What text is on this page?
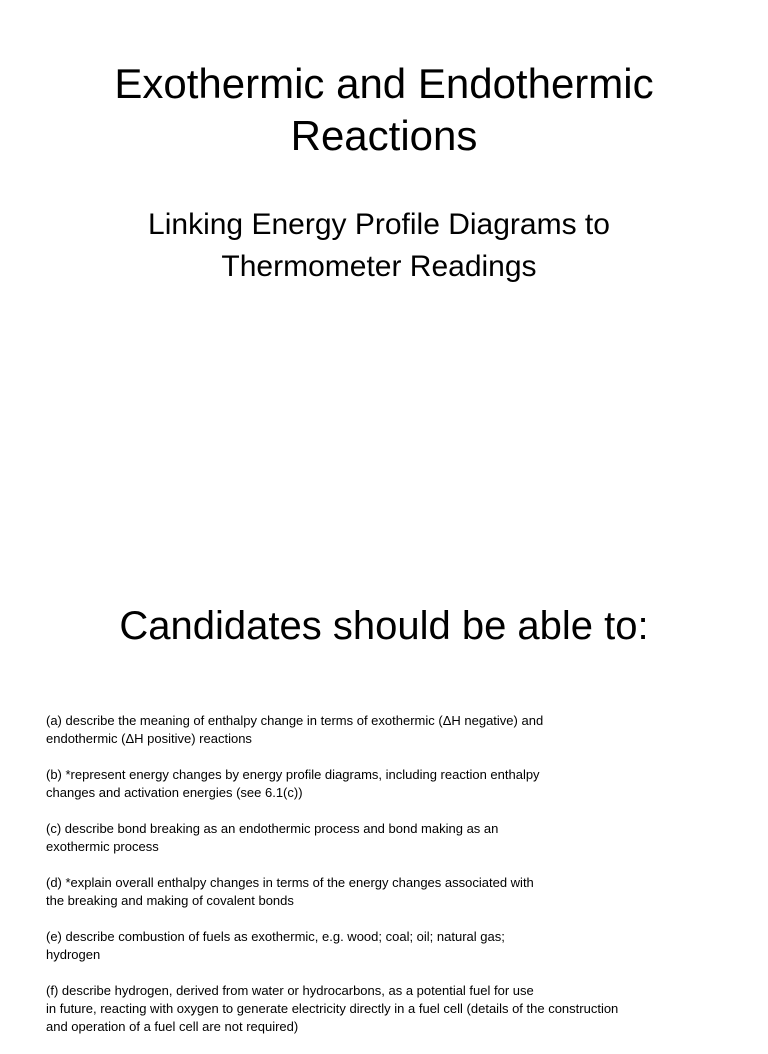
Exothermic and Endothermic
Reactions
Linking Energy Profile Diagrams to
Thermometer Readings
Candidates should be able to:
(a) describe the meaning of enthalpy change in terms of exothermic (ΔH negative) and
endothermic (ΔH positive) reactions
(b) *represent energy changes by energy profile diagrams, including reaction enthalpy
changes and activation energies (see 6.1(c))
(c) describe bond breaking as an endothermic process and bond making as an
exothermic process
(d) *explain overall enthalpy changes in terms of the energy changes associated with
the breaking and making of covalent bonds
(e) describe combustion of fuels as exothermic, e.g. wood; coal; oil; natural gas;
hydrogen
(f) describe hydrogen, derived from water or hydrocarbons, as a potential fuel for use
in future, reacting with oxygen to generate electricity directly in a fuel cell (details of the construction
and operation of a fuel cell are not required)
